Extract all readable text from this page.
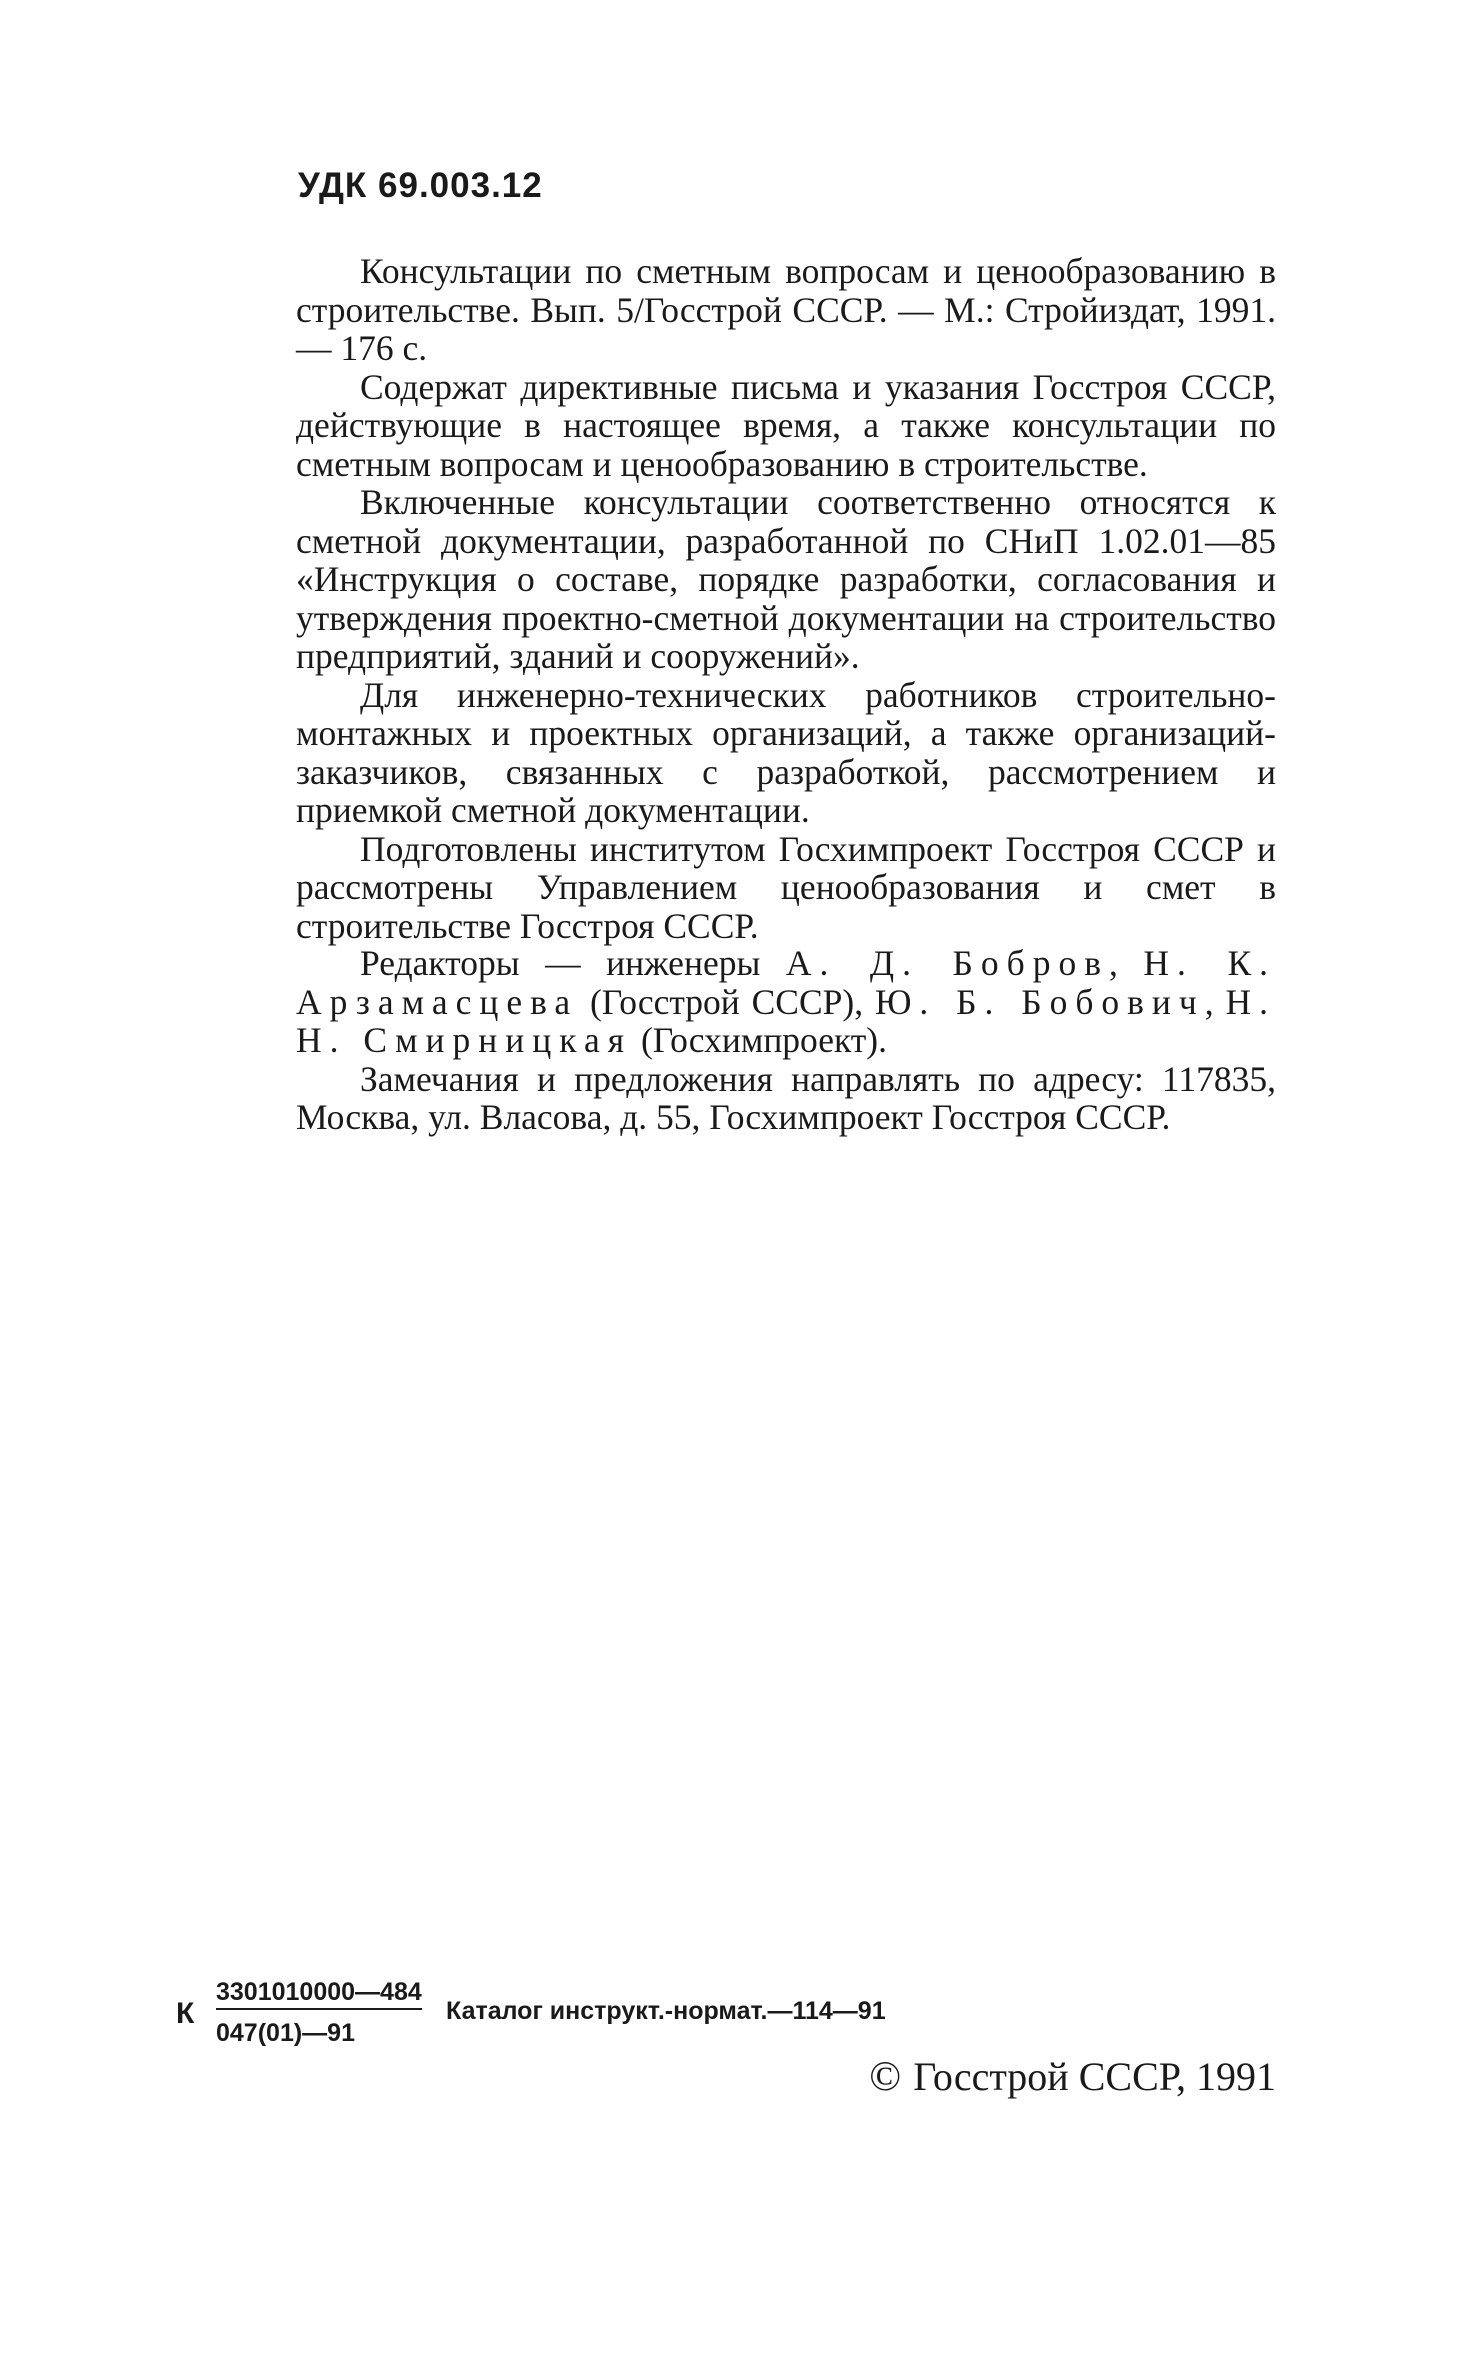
УДК 69.003.12

Консультации по сметным вопросам и ценообразованию в строительстве. Вып. 5/Госстрой СССР. — М.: Стройиздат, 1991. — 176 с.

Содержат директивные письма и указания Госстроя СССР, действующие в настоящее время, а также консультации по сметным вопросам и ценообразованию в строительстве.

Включенные консультации соответственно относятся к сметной документации, разработанной по СНиП 1.02.01—85 «Инструкция о составе, порядке разработки, согласования и утверждения проектно-сметной документации на строительство предприятий, зданий и сооружений».

Для инженерно-технических работников строительно-монтажных и проектных организаций, а также организаций-заказчиков, связанных с разработкой, рассмотрением и приемкой сметной документации.

Подготовлены институтом Госхимпроект Госстроя СССР и рассмотрены Управлением ценообразования и смет в строительстве Госстроя СССР.

Редакторы — инженеры А. Д. Бобров, Н. К. Арзамасцева (Госстрой СССР), Ю. Б. Бобович, Н. Н. Смирницкая (Госхимпроект).

Замечания и предложения направлять по адресу: 117835, Москва, ул. Власова, д. 55, Госхимпроект Госстроя СССР.

К $\frac{3301010000—484}{047(01)—91}$ Каталог инструкт.-нормат.—114—91
© Госстрой СССР, 1991
